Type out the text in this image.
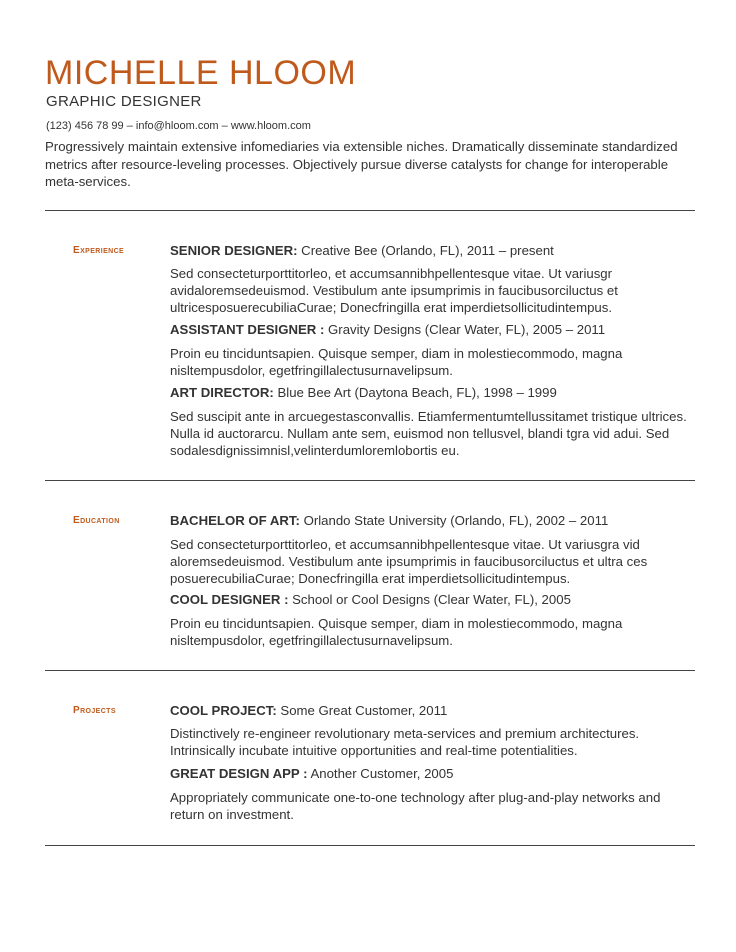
MICHELLE HLOOM
GRAPHIC DESIGNER
(123) 456 78 99 – info@hloom.com – www.hloom.com
Progressively maintain extensive infomediaries via extensible niches. Dramatically disseminate standardized metrics after resource-leveling processes. Objectively pursue diverse catalysts for change for interoperable meta-services.
Experience	SENIOR DESIGNER: Creative Bee (Orlando, FL), 2011 – present
Sed consecteturporttitorleo, et accumsannibhpellentesque vitae. Ut variusgr avidaloremsedeuismod. Vestibulum ante ipsumprimis in faucibusorciluctus et ultricesposuerecubiliaCurae; Donecfringilla erat imperdietsollicitudintempus.
ASSISTANT DESIGNER : Gravity Designs (Clear Water, FL), 2005 – 2011
Proin eu tinciduntsapien. Quisque semper, diam in molestiecommodo, magna nisltempusdolor, egetfringillalectusurnavelipsum.
ART DIRECTOR: Blue Bee Art (Daytona Beach, FL), 1998 – 1999
Sed suscipit ante in arcuegestasconvallis. Etiamfermentumtellussitamet tristique ultrices. Nulla id auctorarcu. Nullam ante sem, euismod non tellusvel, blandi tgra vid adui. Sed sodalesdignissimnisl,velinterdumloremlobortis eu.
Education	BACHELOR OF ART: Orlando State University (Orlando, FL), 2002 – 2011
Sed consecteturporttitorleo, et accumsannibhpellentesque vitae. Ut variusgra vid aloremsedeuismod. Vestibulum ante ipsumprimis in faucibusorciluctus et ultra ces posuerecubiliaCurae; Donecfringilla erat imperdietsollicitudintempus.
COOL DESIGNER : School or Cool Designs (Clear Water, FL), 2005
Proin eu tinciduntsapien. Quisque semper, diam in molestiecommodo, magna nisltempusdolor, egetfringillalectusurnavelipsum.
Projects	COOL PROJECT: Some Great Customer, 2011
Distinctively re-engineer revolutionary meta-services and premium architectures. Intrinsically incubate intuitive opportunities and real-time potentialities.
GREAT DESIGN APP : Another Customer, 2005
Appropriately communicate one-to-one technology after plug-and-play networks and return on investment.
